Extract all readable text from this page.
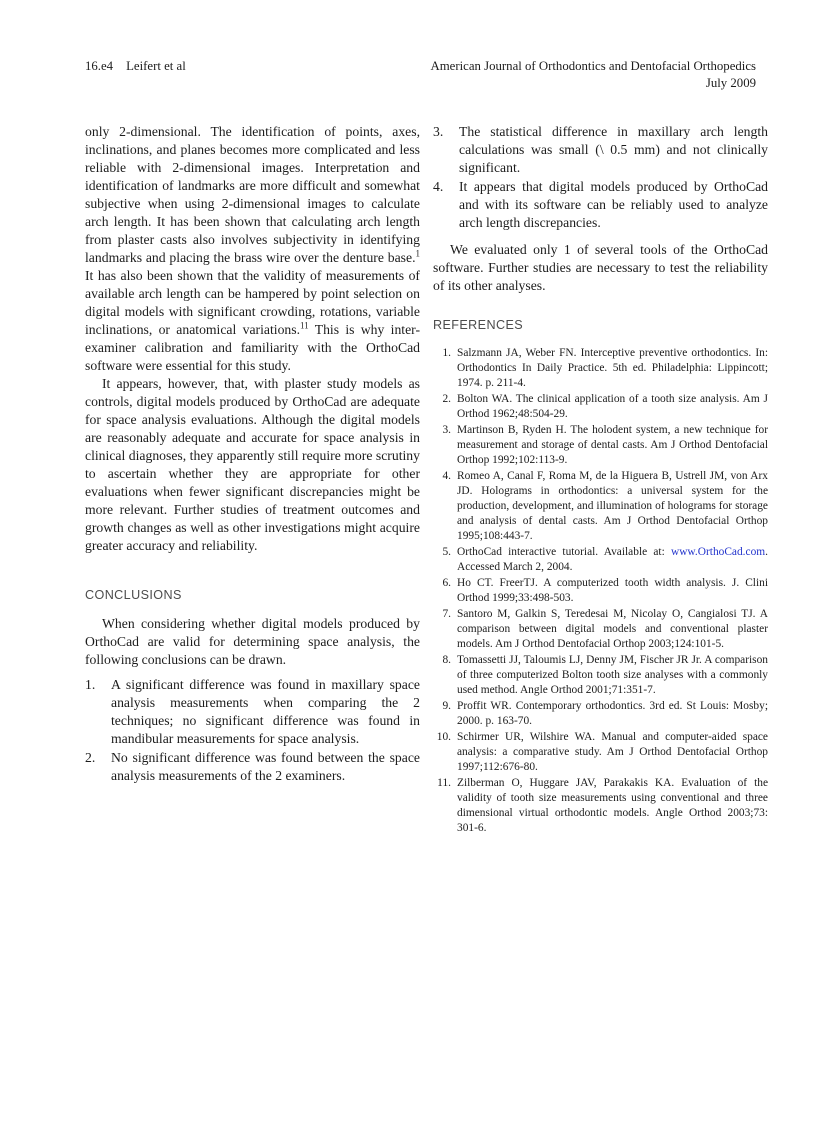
16.e4 Leifert et al	American Journal of Orthodontics and Dentofacial Orthopedics
July 2009

only 2-dimensional. The identification of points, axes, inclinations, and planes becomes more complicated and less reliable with 2-dimensional images. Interpretation and identification of landmarks are more difficult and somewhat subjective when using 2-dimensional images to calculate arch length. It has been shown that calculating arch length from plaster casts also involves subjectivity in identifying landmarks and placing the brass wire over the denture base.$^1$ It has also been shown that the validity of measurements of available arch length can be hampered by point selection on digital models with significant crowding, rotations, variable inclinations, or anatomical variations.$^{11}$ This is why inter-examiner calibration and familiarity with the OrthoCad software were essential for this study.

It appears, however, that, with plaster study models as controls, digital models produced by OrthoCad are adequate for space analysis evaluations. Although the digital models are reasonably adequate and accurate for space analysis in clinical diagnoses, they apparently still require more scrutiny to ascertain whether they are appropriate for other evaluations when fewer significant discrepancies might be more relevant. Further studies of treatment outcomes and growth changes as well as other investigations might acquire greater accuracy and reliability.

CONCLUSIONS

When considering whether digital models produced by OrthoCad are valid for determining space analysis, the following conclusions can be drawn.

1.	A significant difference was found in maxillary space analysis measurements when comparing the 2 techniques; no significant difference was found in mandibular measurements for space analysis.
2.	No significant difference was found between the space analysis measurements of the 2 examiners.
3.	The statistical difference in maxillary arch length calculations was small (\ 0.5 mm) and not clinically significant.
4.	It appears that digital models produced by OrthoCad and with its software can be reliably used to analyze arch length discrepancies.

We evaluated only 1 of several tools of the OrthoCad software. Further studies are necessary to test the reliability of its other analyses.

REFERENCES
1. Salzmann JA, Weber FN. Interceptive preventive orthodontics. In: Orthodontics In Daily Practice. 5th ed. Philadelphia: Lippincott; 1974. p. 211-4.
2. Bolton WA. The clinical application of a tooth size analysis. Am J Orthod 1962;48:504-29.
3. Martinson B, Ryden H. The holodent system, a new technique for measurement and storage of dental casts. Am J Orthod Dentofacial Orthop 1992;102:113-9.
4. Romeo A, Canal F, Roma M, de la Higuera B, Ustrell JM, von Arx JD. Holograms in orthodontics: a universal system for the production, development, and illumination of holograms for storage and analysis of dental casts. Am J Orthod Dentofacial Orthop 1995;108:443-7.
5. OrthoCad interactive tutorial. Available at: www.OrthoCad.com. Accessed March 2, 2004.
6. Ho CT. FreerTJ. A computerized tooth width analysis. J. Clini Orthod 1999;33:498-503.
7. Santoro M, Galkin S, Teredesai M, Nicolay O, Cangialosi TJ. A comparison between digital models and conventional plaster models. Am J Orthod Dentofacial Orthop 2003;124:101-5.
8. Tomassetti JJ, Taloumis LJ, Denny JM, Fischer JR Jr. A comparison of three computerized Bolton tooth size analyses with a commonly used method. Angle Orthod 2001;71:351-7.
9. Proffit WR. Contemporary orthodontics. 3rd ed. St Louis: Mosby; 2000. p. 163-70.
10. Schirmer UR, Wilshire WA. Manual and computer-aided space analysis: a comparative study. Am J Orthod Dentofacial Orthop 1997;112:676-80.
11. Zilberman O, Huggare JAV, Parakakis KA. Evaluation of the validity of tooth size measurements using conventional and three dimensional virtual orthodontic models. Angle Orthod 2003;73: 301-6.
